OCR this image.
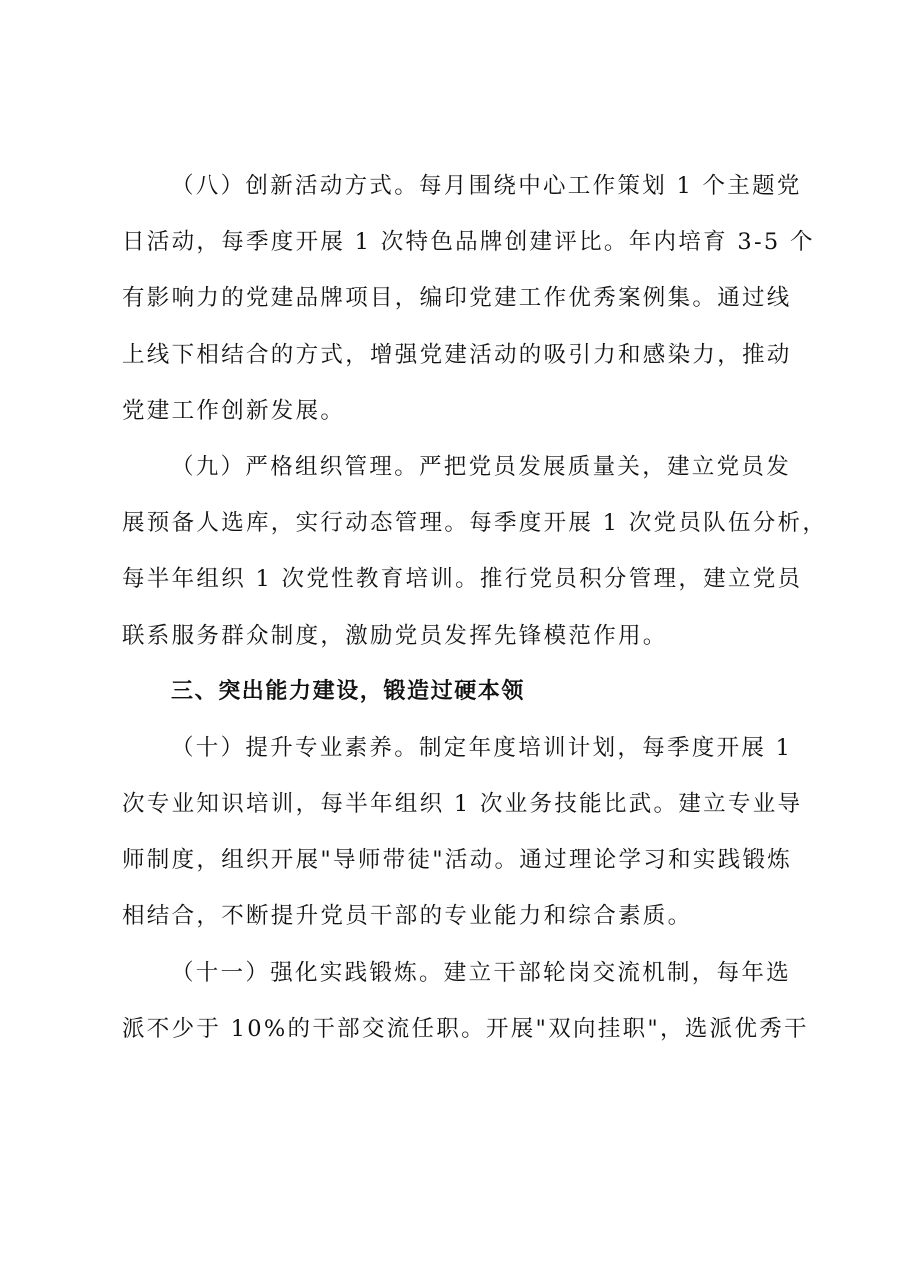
（八）创新活动方式。每月围绕中心工作策划 1 个主题党
日活动，每季度开展 1 次特色品牌创建评比。年内培育 3-5 个
有影响力的党建品牌项目，编印党建工作优秀案例集。通过线
上线下相结合的方式，增强党建活动的吸引力和感染力，推动
党建工作创新发展。
（九）严格组织管理。严把党员发展质量关，建立党员发
展预备人选库，实行动态管理。每季度开展 1 次党员队伍分析，
每半年组织 1 次党性教育培训。推行党员积分管理，建立党员
联系服务群众制度，激励党员发挥先锋模范作用。
三、突出能力建设，锻造过硬本领
（十）提升专业素养。制定年度培训计划，每季度开展 1
次专业知识培训，每半年组织 1 次业务技能比武。建立专业导
师制度，组织开展"导师带徒"活动。通过理论学习和实践锻炼
相结合，不断提升党员干部的专业能力和综合素质。
（十一）强化实践锻炼。建立干部轮岗交流机制，每年选
派不少于 10%的干部交流任职。开展"双向挂职"，选派优秀干
